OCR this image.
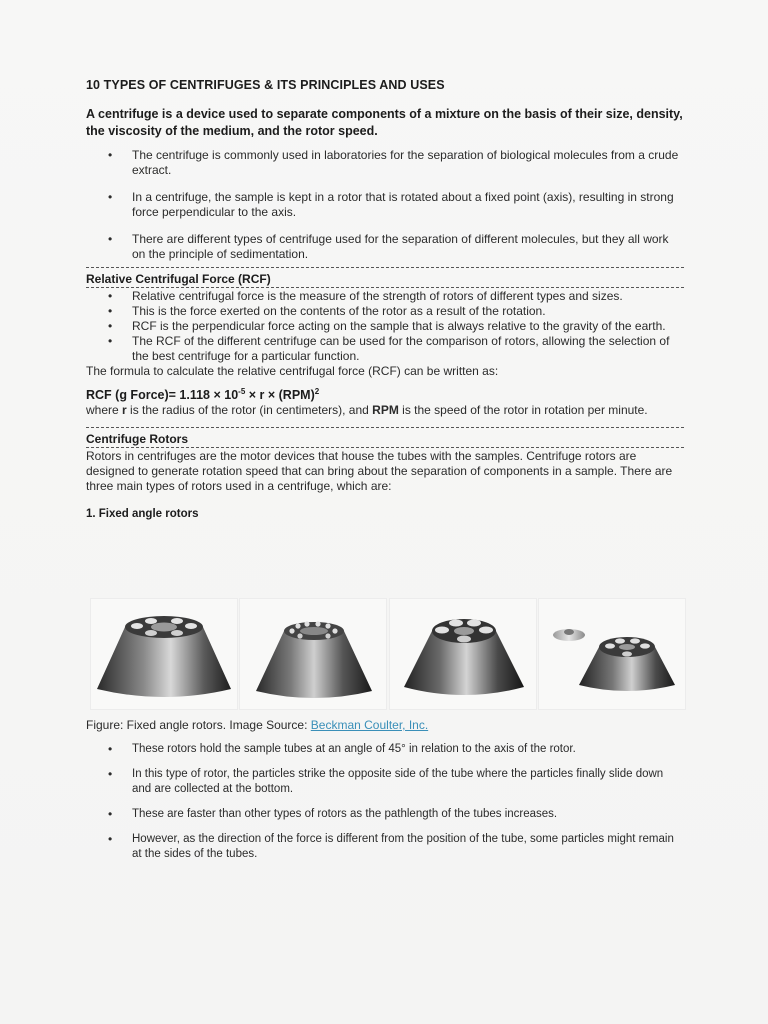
10 TYPES OF CENTRIFUGES & ITS PRINCIPLES AND USES
A centrifuge is a device used to separate components of a mixture on the basis of their size, density, the viscosity of the medium, and the rotor speed.
• The centrifuge is commonly used in laboratories for the separation of biological molecules from a crude extract.
• In a centrifuge, the sample is kept in a rotor that is rotated about a fixed point (axis), resulting in strong force perpendicular to the axis.
• There are different types of centrifuge used for the separation of different molecules, but they all work on the principle of sedimentation.
Relative Centrifugal Force (RCF)
• Relative centrifugal force is the measure of the strength of rotors of different types and sizes.
• This is the force exerted on the contents of the rotor as a result of the rotation.
• RCF is the perpendicular force acting on the sample that is always relative to the gravity of the earth.
• The RCF of the different centrifuge can be used for the comparison of rotors, allowing the selection of the best centrifuge for a particular function.

The formula to calculate the relative centrifugal force (RCF) can be written as:

RCF (g Force)= $1.118 \times 10^{-5} \times r \times (RPM)^2$

where r is the radius of the rotor (in centimeters), and RPM is the speed of the rotor in rotation per minute.

Centrifuge Rotors

Rotors in centrifuges are the motor devices that house the tubes with the samples. Centrifuge rotors are designed to generate rotation speed that can bring about the separation of components in a sample. There are three main types of rotors used in a centrifuge, which are:

1. Fixed angle rotors
Figure: Fixed angle rotors. Image Source: Beckman Coulter, Inc.
• These rotors hold the sample tubes at an angle of 45° in relation to the axis of the rotor.
• In this type of rotor, the particles strike the opposite side of the tube where the particles finally slide down and are collected at the bottom.
• These are faster than other types of rotors as the pathlength of the tubes increases.
• However, as the direction of the force is different from the position of the tube, some particles might remain at the sides of the tubes.
